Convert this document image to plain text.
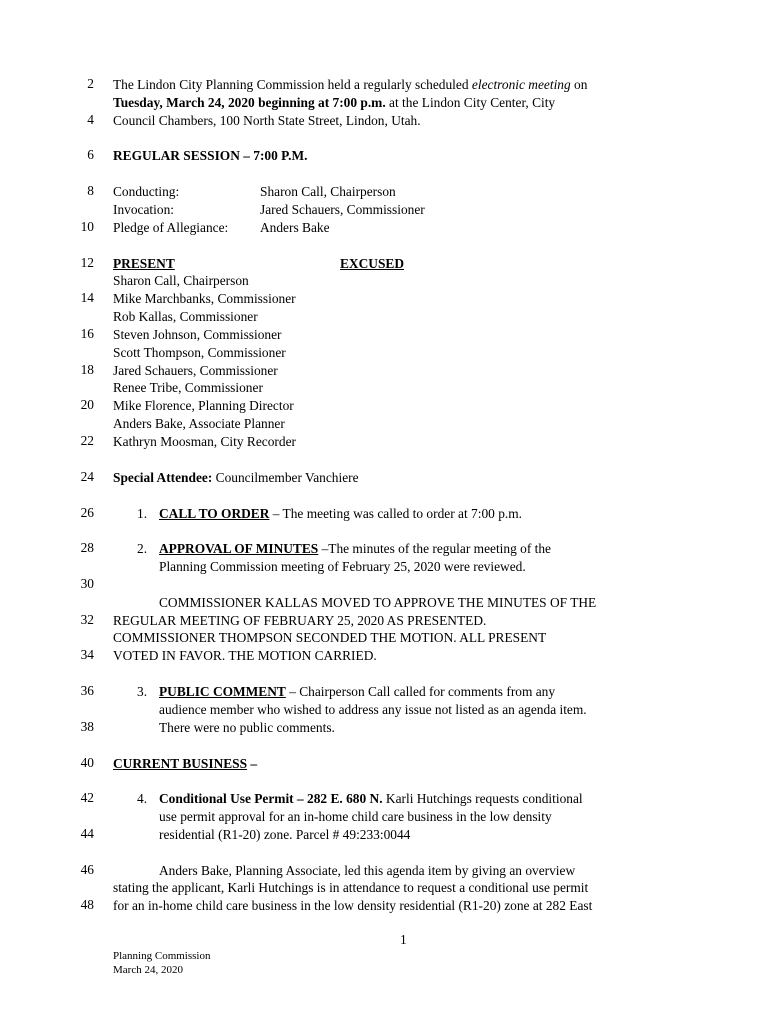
2
4
6
8
10
12
14
16
18
20
22
24
26
28
30
32
34
36
38
40
42
44
46
48
The Lindon City Planning Commission held a regularly scheduled electronic meeting on
Tuesday, March 24, 2020 beginning at 7:00 p.m. at the Lindon City Center, City
Council Chambers, 100 North State Street, Lindon, Utah.
REGULAR SESSION – 7:00 P.M.
Conducting:	Sharon Call, Chairperson
Invocation:	Jared Schauers, Commissioner
Pledge of Allegiance: Anders Bake
PRESENT	EXCUSED
Sharon Call, Chairperson
Mike Marchbanks, Commissioner
Rob Kallas, Commissioner
Steven Johnson, Commissioner
Scott Thompson, Commissioner
Jared Schauers, Commissioner
Renee Tribe, Commissioner
Mike Florence, Planning Director
Anders Bake, Associate Planner
Kathryn Moosman, City Recorder
Special Attendee: Councilmember Vanchiere
1. CALL TO ORDER – The meeting was called to order at 7:00 p.m.
2. APPROVAL OF MINUTES –The minutes of the regular meeting of the
Planning Commission meeting of February 25, 2020 were reviewed.
COMMISSIONER KALLAS MOVED TO APPROVE THE MINUTES OF THE
REGULAR MEETING OF FEBRUARY 25, 2020 AS PRESENTED.
COMMISSIONER THOMPSON SECONDED THE MOTION. ALL PRESENT
VOTED IN FAVOR. THE MOTION CARRIED.
3. PUBLIC COMMENT – Chairperson Call called for comments from any
audience member who wished to address any issue not listed as an agenda item.
There were no public comments.
CURRENT BUSINESS –
4. Conditional Use Permit – 282 E. 680 N. Karli Hutchings requests conditional
use permit approval for an in-home child care business in the low density
residential (R1-20) zone. Parcel # 49:233:0044
Anders Bake, Planning Associate, led this agenda item by giving an overview
stating the applicant, Karli Hutchings is in attendance to request a conditional use permit
for an in-home child care business in the low density residential (R1-20) zone at 282 East
1
Planning Commission
March 24, 2020
